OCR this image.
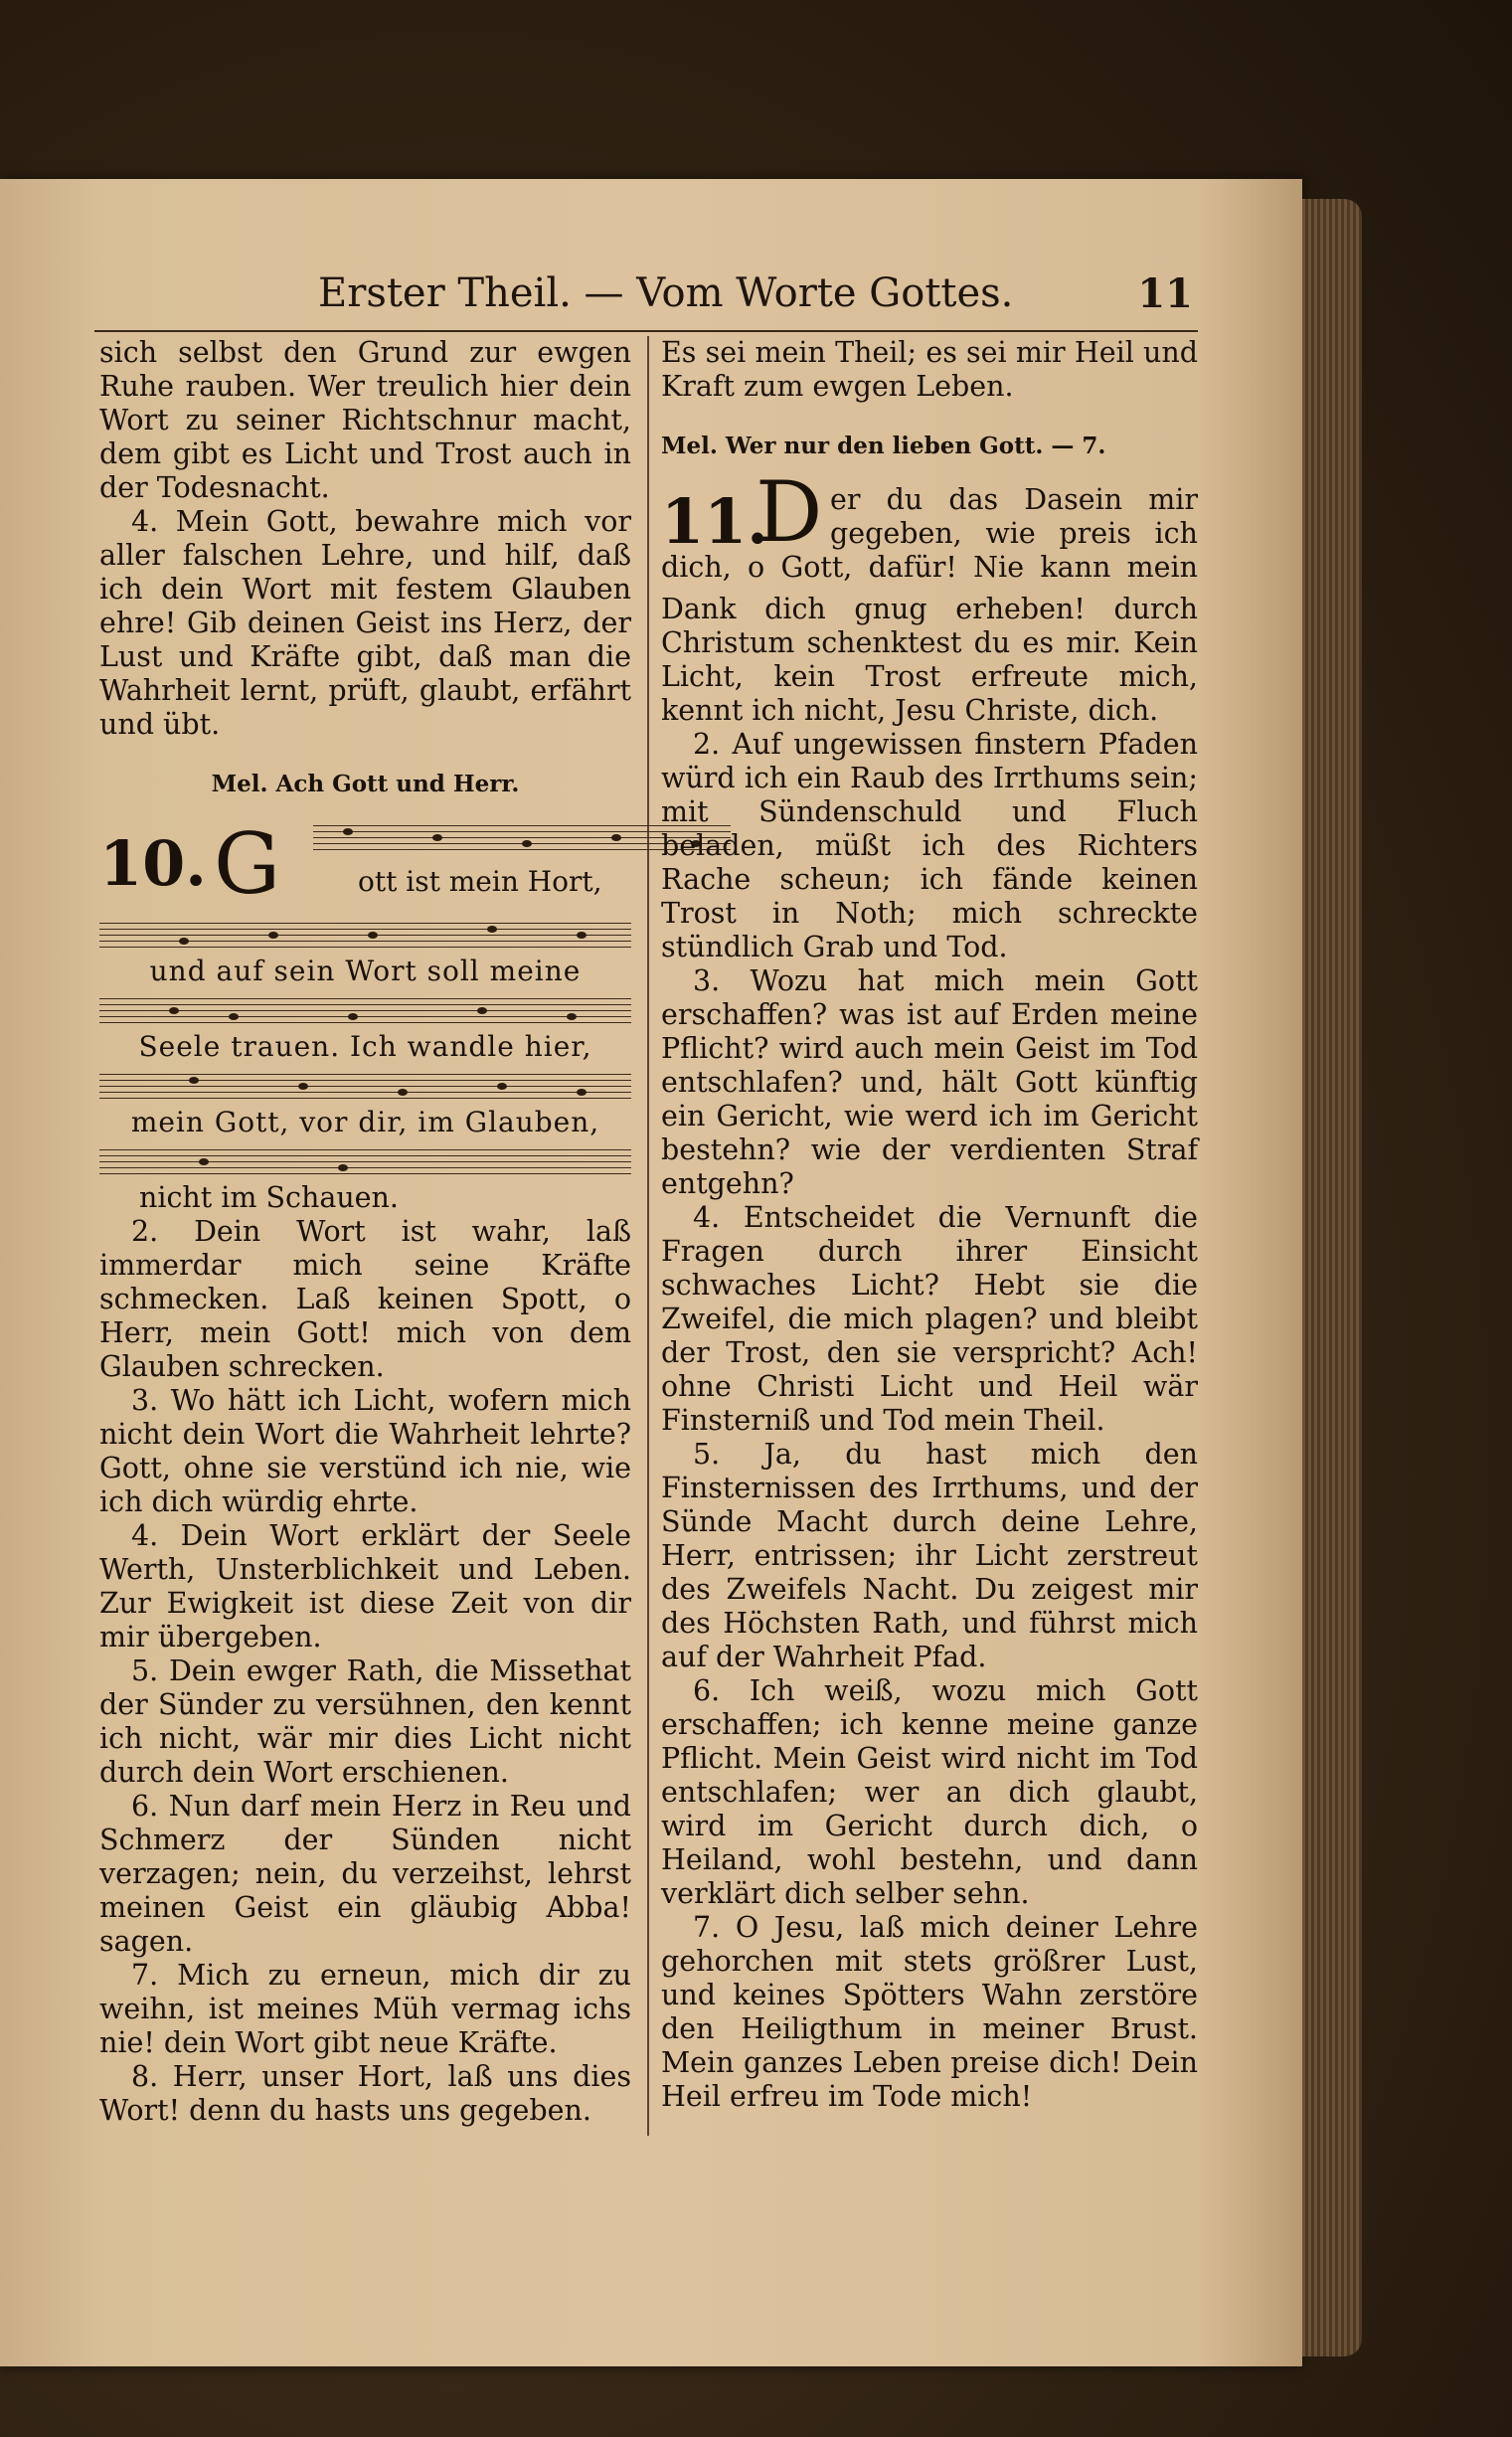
Erster Theil. — Vom Worte Gottes.	11

sich selbst den Grund zur ewgen Ruhe rauben. Wer treulich hier dein Wort zu seiner Richtschnur macht, dem gibt es Licht und Trost auch in der Todesnacht.

4. Mein Gott, bewahre mich vor aller falschen Lehre, und hilf, daß ich dein Wort mit festem Glauben ehre! Gib deinen Geist ins Herz, der Lust und Kräfte gibt, daß man die Wahrheit lernt, prüft, glaubt, erfährt und übt.

Mel. Ach Gott und Herr.

10. G	ott ist mein Hort,

und auf sein Wort soll meine

Seele trauen. Ich wandle hier,

mein Gott, vor dir, im Glauben,

nicht im Schauen.

2. Dein Wort ist wahr, laß immerdar mich seine Kräfte schmecken. Laß keinen Spott, o Herr, mein Gott! mich von dem Glauben schrecken.

3. Wo hätt ich Licht, wofern mich nicht dein Wort die Wahrheit lehrte? Gott, ohne sie verstünd ich nie, wie ich dich würdig ehrte.

4. Dein Wort erklärt der Seele Werth, Unsterblichkeit und Leben. Zur Ewigkeit ist diese Zeit von dir mir übergeben.

5. Dein ewger Rath, die Missethat der Sünder zu versühnen, den kennt ich nicht, wär mir dies Licht nicht durch dein Wort erschienen.

6. Nun darf mein Herz in Reu und Schmerz der Sünden nicht verzagen; nein, du verzeihst, lehrst meinen Geist ein gläubig Abba! sagen.

7. Mich zu erneun, mich dir zu weihn, ist meines Müh vermag ichs nie! dein Wort gibt neue Kräfte.

8. Herr, unser Hort, laß uns dies Wort! denn du hasts uns gegeben.

Es sei mein Theil; es sei mir Heil und Kraft zum ewgen Leben.

Mel. Wer nur den lieben Gott. — 7.

11.
D er du das Dasein mir
gegeben, wie preis ich
dich, o Gott, dafür! Nie kann mein

Dank dich gnug erheben! durch Christum schenktest du es mir. Kein Licht, kein Trost erfreute mich, kennt ich nicht, Jesu Christe, dich.

2. Auf ungewissen finstern Pfaden würd ich ein Raub des Irrthums sein; mit Sündenschuld und Fluch beladen, müßt ich des Richters Rache scheun; ich fände keinen Trost in Noth; mich schreckte stündlich Grab und Tod.

3. Wozu hat mich mein Gott erschaffen? was ist auf Erden meine Pflicht? wird auch mein Geist im Tod entschlafen? und, hält Gott künftig ein Gericht, wie werd ich im Gericht bestehn? wie der verdienten Straf entgehn?

4. Entscheidet die Vernunft die Fragen durch ihrer Einsicht schwaches Licht? Hebt sie die Zweifel, die mich plagen? und bleibt der Trost, den sie verspricht? Ach! ohne Christi Licht und Heil wär Finsterniß und Tod mein Theil.

5. Ja, du hast mich den Finsternissen des Irrthums, und der Sünde Macht durch deine Lehre, Herr, entrissen; ihr Licht zerstreut des Zweifels Nacht. Du zeigest mir des Höchsten Rath, und führst mich auf der Wahrheit Pfad.

6. Ich weiß, wozu mich Gott erschaffen; ich kenne meine ganze Pflicht. Mein Geist wird nicht im Tod entschlafen; wer an dich glaubt, wird im Gericht durch dich, o Heiland, wohl bestehn, und dann verklärt dich selber sehn.

7. O Jesu, laß mich deiner Lehre gehorchen mit stets größrer Lust, und keines Spötters Wahn zerstöre den Heiligthum in meiner Brust. Mein ganzes Leben preise dich! Dein Heil erfreu im Tode mich!
